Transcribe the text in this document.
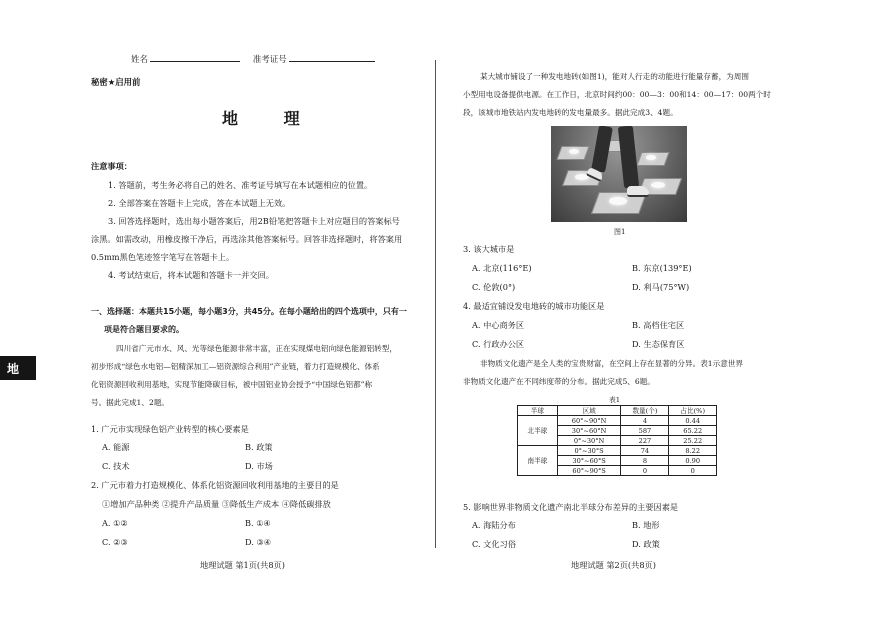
姓名	准考证号
秘密★启用前
地 理
注意事项：
1. 答题前，考生务必将自己的姓名、准考证号填写在本试题相应的位置。
2. 全部答案在答题卡上完成，答在本试题上无效。
3. 回答选择题时，选出每小题答案后，用2B铅笔把答题卡上对应题目的答案标号
涂黑。如需改动，用橡皮擦干净后，再选涂其他答案标号。回答非选择题时，将答案用
0.5mm黑色笔迹签字笔写在答题卡上。
4. 考试结束后，将本试题和答题卡一并交回。
一、选择题：本题共15小题，每小题3分，共45分。在每小题给出的四个选项中，只有一
项是符合题目要求的。
四川省广元市水、风、光等绿色能源非常丰富，正在实现煤电铝向绿色能源铝转型，
初步形成“绿色水电铝—铝精深加工—铝资源综合利用”产业链，着力打造规模化、体系
化铝资源回收利用基地，实现节能降碳目标，被中国铝业协会授予“中国绿色铝都”称
号。据此完成1、2题。
1. 广元市实现绿色铝产业转型的核心要素是
A. 能源	B. 政策
C. 技术	D. 市场
2. 广元市着力打造规模化、体系化铝资源回收利用基地的主要目的是
①增加产品种类 ②提升产品质量 ③降低生产成本 ④降低碳排放
A. ①②	B. ①④
C. ②③	D. ③④
地理试题 第1页(共8页)
地
某大城市铺设了一种发电地砖(如图1)，能对人行走的动能进行能量存蓄，为周围
小型用电设备提供电源。在工作日，北京时间约00：00—3：00和14：00—17：00两个时
段，该城市地铁站内发电地砖的发电量最多。据此完成3、4题。
图1
3. 该大城市是
A. 北京(116°E)	B. 东京(139°E)
C. 伦敦(0°)	D. 利马(75°W)
4. 最适宜铺设发电地砖的城市功能区是
A. 中心商务区	B. 高档住宅区
C. 行政办公区	D. 生态保育区
非物质文化遗产是全人类的宝贵财富，在空间上存在显著的分异。表1示意世界
非物质文化遗产在不同纬度带的分布。据此完成5、6题。
表1
半球	区域	数量(个)	占比(%)
北半球	60°~90°N	4	0.44
	30°~60°N	587	65.22
	0°~30°N	227	25.22
南半球	0°~30°S	74	8.22
	30°~60°S	8	0.90
	60°~90°S	0	0
5. 影响世界非物质文化遗产南北半球分布差异的主要因素是
A. 海陆分布	B. 地形
C. 文化习俗	D. 政策
地理试题 第2页(共8页)
